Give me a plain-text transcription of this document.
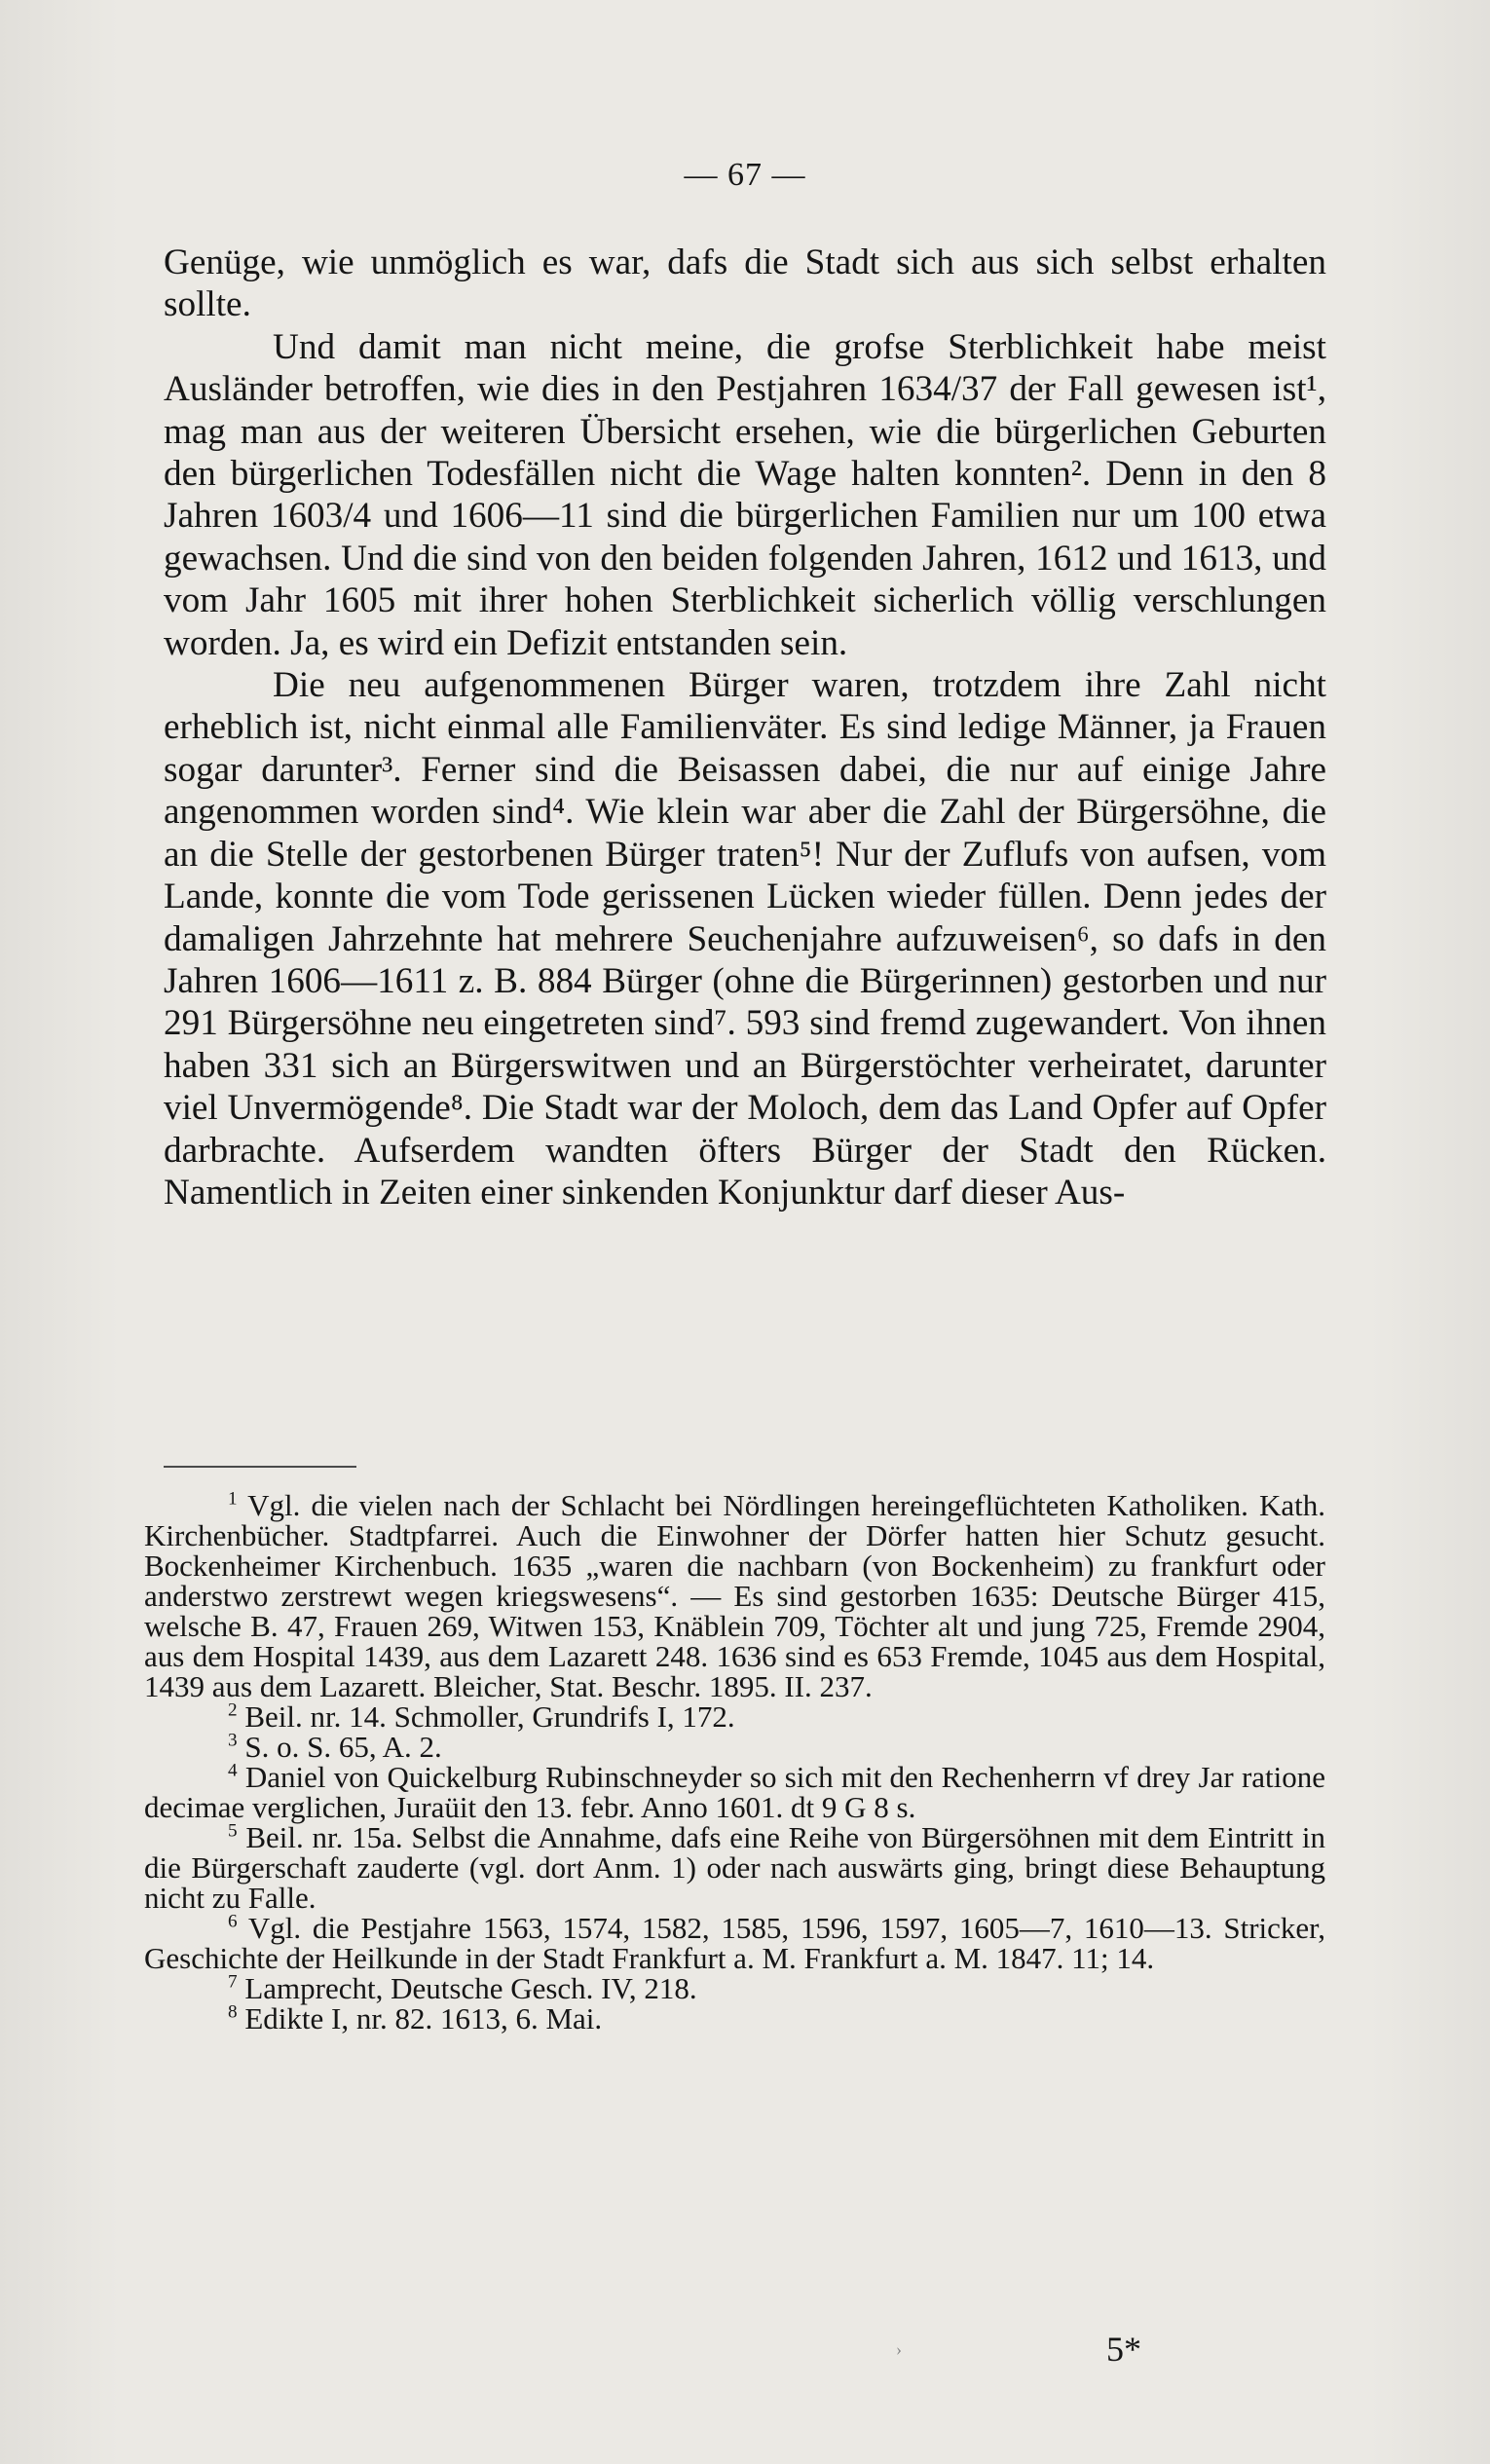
— 67 —

Genüge, wie unmöglich es war, dafs die Stadt sich aus sich selbst erhalten sollte.

Und damit man nicht meine, die grofse Sterblichkeit habe meist Ausländer betroffen, wie dies in den Pestjahren 1634/37 der Fall gewesen ist¹, mag man aus der weiteren Übersicht ersehen, wie die bürgerlichen Geburten den bürgerlichen Todesfällen nicht die Wage halten konnten². Denn in den 8 Jahren 1603/4 und 1606—11 sind die bürgerlichen Familien nur um 100 etwa gewachsen. Und die sind von den beiden folgenden Jahren, 1612 und 1613, und vom Jahr 1605 mit ihrer hohen Sterblichkeit sicherlich völlig verschlungen worden. Ja, es wird ein Defizit entstanden sein.

Die neu aufgenommenen Bürger waren, trotzdem ihre Zahl nicht erheblich ist, nicht einmal alle Familienväter. Es sind ledige Männer, ja Frauen sogar darunter³. Ferner sind die Beisassen dabei, die nur auf einige Jahre angenommen worden sind⁴. Wie klein war aber die Zahl der Bürgersöhne, die an die Stelle der gestorbenen Bürger traten⁵! Nur der Zuflufs von aufsen, vom Lande, konnte die vom Tode gerissenen Lücken wieder füllen. Denn jedes der damaligen Jahrzehnte hat mehrere Seuchenjahre aufzuweisen⁶, so dafs in den Jahren 1606—1611 z. B. 884 Bürger (ohne die Bürgerinnen) gestorben und nur 291 Bürgersöhne neu eingetreten sind⁷. 593 sind fremd zugewandert. Von ihnen haben 331 sich an Bürgerswitwen und an Bürgerstöchter verheiratet, darunter viel Unvermögende⁸. Die Stadt war der Moloch, dem das Land Opfer auf Opfer darbrachte. Aufserdem wandten öfters Bürger der Stadt den Rücken. Namentlich in Zeiten einer sinkenden Konjunktur darf dieser Aus-

$^1$ Vgl. die vielen nach der Schlacht bei Nördlingen hereingeflüchteten Katholiken. Kath. Kirchenbücher. Stadtpfarrei. Auch die Einwohner der Dörfer hatten hier Schutz gesucht. Bockenheimer Kirchenbuch. 1635 „waren die nachbarn (von Bockenheim) zu frankfurt oder anderstwo zerstrewt wegen kriegswesens“. — Es sind gestorben 1635: Deutsche Bürger 415, welsche B. 47, Frauen 269, Witwen 153, Knäblein 709, Töchter alt und jung 725, Fremde 2904, aus dem Hospital 1439, aus dem Lazarett 248. 1636 sind es 653 Fremde, 1045 aus dem Hospital, 1439 aus dem Lazarett. Bleicher, Stat. Beschr. 1895. II. 237.

$^2$ Beil. nr. 14. Schmoller, Grundrifs I, 172.

$^3$ S. o. S. 65, A. 2.

$^4$ Daniel von Quickelburg Rubinschneyder so sich mit den Rechenherrn vf drey Jar ratione decimae verglichen, Juraüit den 13. febr. Anno 1601. dt 9 G 8 s.

$^5$ Beil. nr. 15a. Selbst die Annahme, dafs eine Reihe von Bürgersöhnen mit dem Eintritt in die Bürgerschaft zauderte (vgl. dort Anm. 1) oder nach auswärts ging, bringt diese Behauptung nicht zu Falle.

$^6$ Vgl. die Pestjahre 1563, 1574, 1582, 1585, 1596, 1597, 1605—7, 1610—13. Stricker, Geschichte der Heilkunde in der Stadt Frankfurt a. M. Frankfurt a. M. 1847. 11; 14.

$^7$ Lamprecht, Deutsche Gesch. IV, 218.

$^8$ Edikte I, nr. 82. 1613, 6. Mai.

›	5*
